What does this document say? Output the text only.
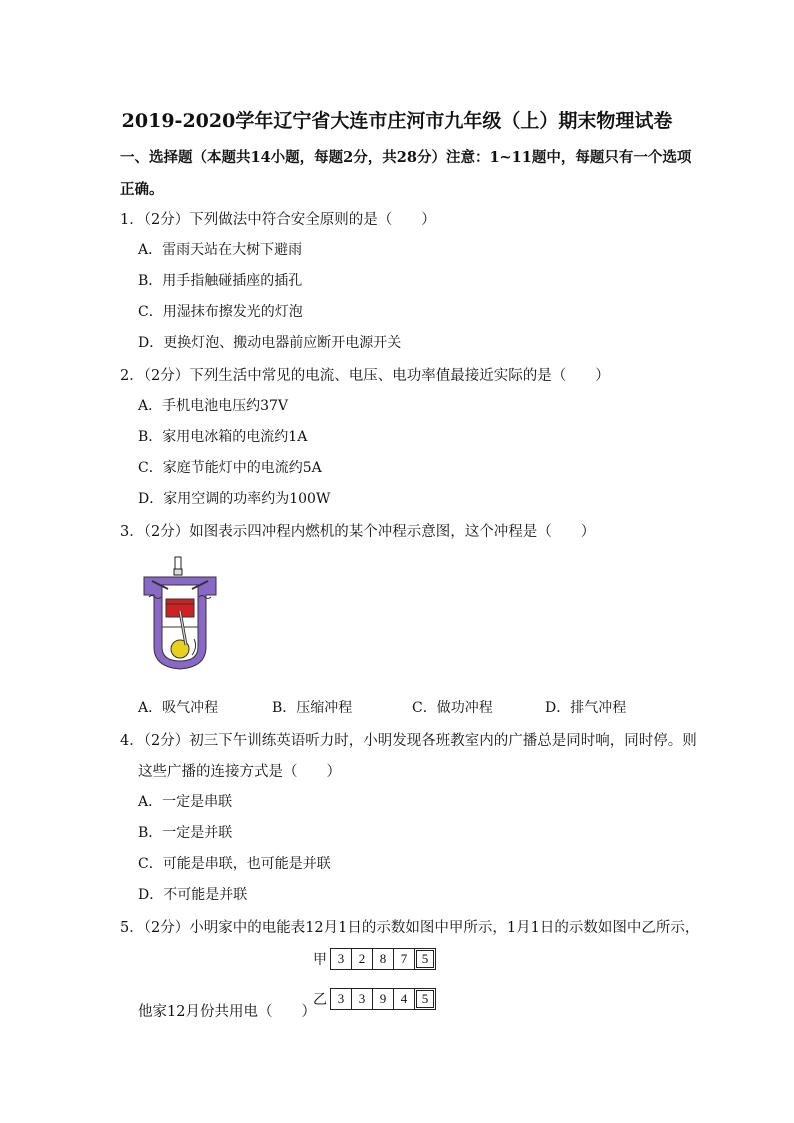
2019-2020学年辽宁省大连市庄河市九年级（上）期末物理试卷
一、选择题（本题共14小题，每题2分，共28分）注意：1~11题中，每题只有一个选项
正确。
1．（2分）下列做法中符合安全原则的是（　　）
A．雷雨天站在大树下避雨
B．用手指触碰插座的插孔
C．用湿抹布擦发光的灯泡
D．更换灯泡、搬动电器前应断开电源开关
2．（2分）下列生活中常见的电流、电压、电功率值最接近实际的是（　　）
A．手机电池电压约37V
B．家用电冰箱的电流约1A
C．家庭节能灯中的电流约5A
D．家用空调的功率约为100W
3．（2分）如图表示四冲程内燃机的某个冲程示意图，这个冲程是（　　）
A．吸气冲程	B．压缩冲程	C．做功冲程	D．排气冲程
4．（2分）初三下午训练英语听力时，小明发现各班教室内的广播总是同时响，同时停。则
这些广播的连接方式是（　　）
A．一定是串联
B．一定是并联
C．可能是串联，也可能是并联
D．不可能是并联
5．（2分）小明家中的电能表12月1日的示数如图中甲所示，1月1日的示数如图中乙所示，
甲 3	2	8	7	5
乙 3	3	9	4	5
他家12月份共用电（　　）
